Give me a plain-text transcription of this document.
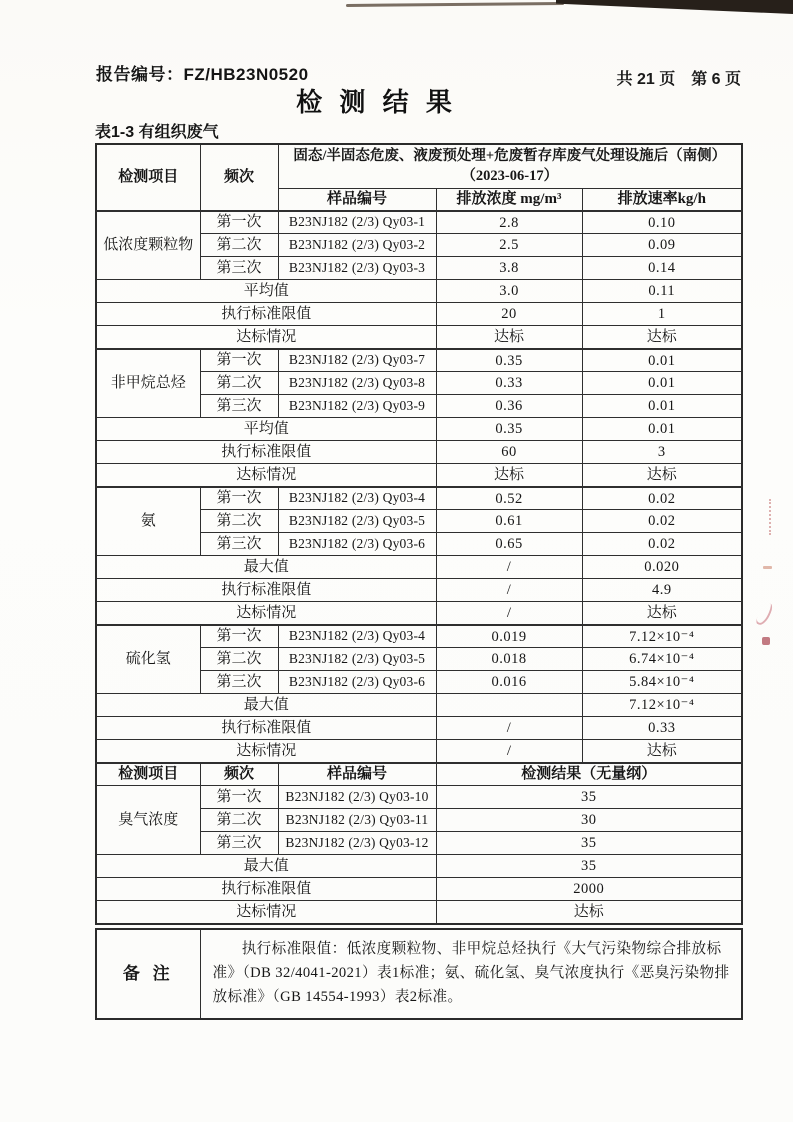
报告编号：FZ/HB23N0520	共 21 页　第 6 页
检 测 结 果
表1-3 有组织废气
检测项目	频次	固态/半固态危废、液废预处理+危废暂存库废气处理设施后（南侧）
（2023-06-17）		

		样品编号	排放浓度 mg/m³	排放速率kg/h
低浓度颗粒物	第一次	B23NJ182 (2/3) Qy03-1	2.8	0.10
	第二次	B23NJ182 (2/3) Qy03-2	2.5	0.09
	第三次	B23NJ182 (2/3) Qy03-3	3.8	0.14
平均值			3.0	0.11
执行标准限值			20	1
达标情况			达标	达标
非甲烷总烃	第一次	B23NJ182 (2/3) Qy03-7	0.35	0.01
	第二次	B23NJ182 (2/3) Qy03-8	0.33	0.01
	第三次	B23NJ182 (2/3) Qy03-9	0.36	0.01
平均值			0.35	0.01
执行标准限值			60	3
达标情况			达标	达标
氨	第一次	B23NJ182 (2/3) Qy03-4	0.52	0.02
	第二次	B23NJ182 (2/3) Qy03-5	0.61	0.02
	第三次	B23NJ182 (2/3) Qy03-6	0.65	0.02
最大值			/	0.020
执行标准限值			/	4.9
达标情况			/	达标
硫化氢	第一次	B23NJ182 (2/3) Qy03-4	0.019	7.12×10⁻⁴
	第二次	B23NJ182 (2/3) Qy03-5	0.018	6.74×10⁻⁴
	第三次	B23NJ182 (2/3) Qy03-6	0.016	5.84×10⁻⁴
最大值				7.12×10⁻⁴
执行标准限值			/	0.33
达标情况			/	达标
检测项目	频次	样品编号	检测结果（无量纲）	
臭气浓度	第一次	B23NJ182 (2/3) Qy03-10	35	
	第二次	B23NJ182 (2/3) Qy03-11	30	
	第三次	B23NJ182 (2/3) Qy03-12	35	
最大值			35	
执行标准限值			2000	
达标情况			达标	
备 注	执行标准限值：低浓度颗粒物、非甲烷总烃执行《大气污染物综合排放标准》（DB 32/4041-2021）表1标准；氨、硫化氢、臭气浓度执行《恶臭污染物排放标准》（GB 14554-1993）表2标准。
